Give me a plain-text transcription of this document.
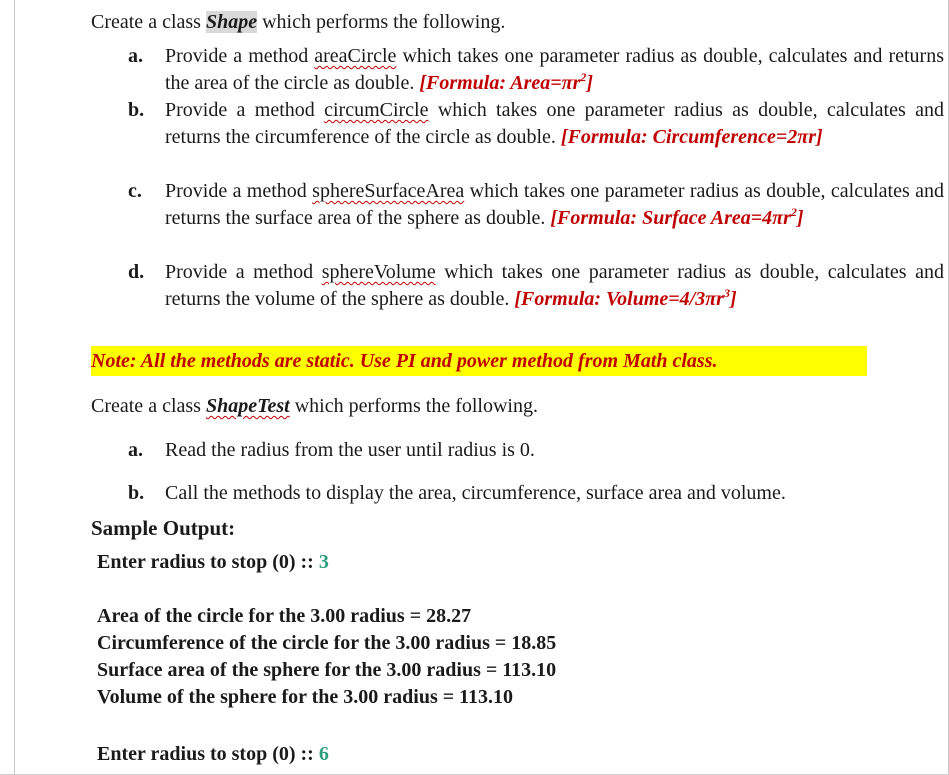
Create a class Shape which performs the following.
a. Provide a method areaCircle which takes one parameter radius as double, calculates and returns the area of the circle as double. [Formula: $Area=\pi r^2$]
b. Provide a method circumCircle which takes one parameter radius as double, calculates and returns the circumference of the circle as double. [Formula: Circumference=2πr]
c. Provide a method sphereSurfaceArea which takes one parameter radius as double, calculates and returns the surface area of the sphere as double. [Formula: Surface $Area=4\pi r^2$]
d. Provide a method sphereVolume which takes one parameter radius as double, calculates and returns the volume of the sphere as double. [Formula: $Volume=4/3\pi r^3$]
Note: All the methods are static. Use PI and power method from Math class.
Create a class ShapeTest which performs the following.
a. Read the radius from the user until radius is 0.
b. Call the methods to display the area, circumference, surface area and volume.
Sample Output:
Enter radius to stop (0) :: 3
Area of the circle for the 3.00 radius = 28.27
Circumference of the circle for the 3.00 radius = 18.85
Surface area of the sphere for the 3.00 radius = 113.10
Volume of the sphere for the 3.00 radius = 113.10
Enter radius to stop (0) :: 6
